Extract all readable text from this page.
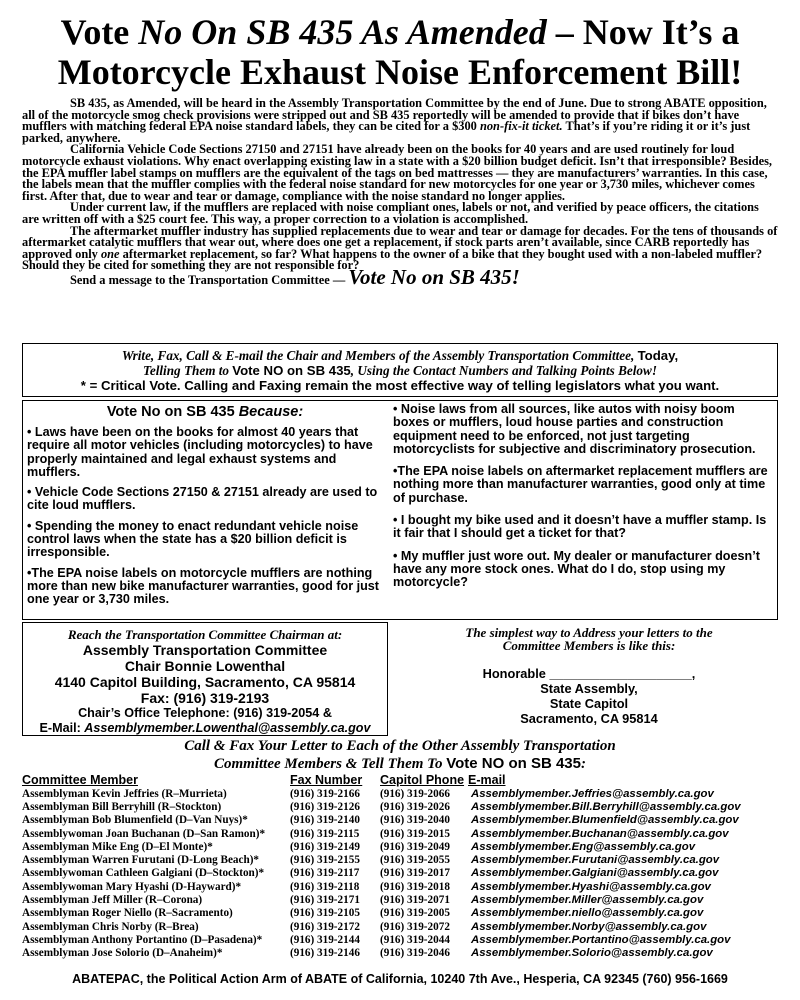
Vote No On SB 435 As Amended – Now It’s a
Motorcycle Exhaust Noise Enforcement Bill!

SB 435, as Amended, will be heard in the Assembly Transportation Committee by the end of June. Due to strong ABATE opposition, all of the motorcycle smog check provisions were stripped out and SB 435 reportedly will be amended to provide that if bikes don’t have mufflers with matching federal EPA noise standard labels, they can be cited for a $300 non-fix-it ticket. That’s if you’re riding it or it’s just parked, anywhere.

California Vehicle Code Sections 27150 and 27151 have already been on the books for 40 years and are used routinely for loud motorcycle exhaust violations. Why enact overlapping existing law in a state with a $20 billion budget deficit. Isn’t that irresponsible? Besides, the EPA muffler label stamps on mufflers are the equivalent of the tags on bed mattresses — they are manufacturers’ warranties. In this case, the labels mean that the muffler complies with the federal noise standard for new motorcycles for one year or 3,730 miles, whichever comes first. After that, due to wear and tear or damage, compliance with the noise standard no longer applies.

Under current law, if the mufflers are replaced with noise compliant ones, labels or not, and verified by peace officers, the citations are written off with a $25 court fee. This way, a proper correction to a violation is accomplished.

The aftermarket muffler industry has supplied replacements due to wear and tear or damage for decades. For the tens of thousands of aftermarket catalytic mufflers that wear out, where does one get a replacement, if stock parts aren’t available, since CARB reportedly has approved only one aftermarket replacement, so far? What happens to the owner of a bike that they bought used with a non-labeled muffler? Should they be cited for something they are not responsible for?

Send a message to the Transportation Committee — Vote No on SB 435!

Write, Fax, Call & E-mail the Chair and Members of the Assembly Transportation Committee, Today,
Telling Them to Vote NO on SB 435, Using the Contact Numbers and Talking Points Below!
* = Critical Vote. Calling and Faxing remain the most effective way of telling legislators what you want.
Vote No on SB 435 Because:
• Laws have been on the books for almost 40 years that require all motor vehicles (including motorcycles) to have properly maintained and legal exhaust systems and mufflers.
• Vehicle Code Sections 27150 & 27151 already are used to cite loud mufflers.
• Spending the money to enact redundant vehicle noise control laws when the state has a $20 billion deficit is irresponsible.
•The EPA noise labels on motorcycle mufflers are nothing more than new bike manufacturer warranties, good for just one year or 3,730 miles.
• Noise laws from all sources, like autos with noisy boom boxes or mufflers, loud house parties and construction equipment need to be enforced, not just targeting motorcyclists for subjective and discriminatory prosecution.
•The EPA noise labels on aftermarket replacement mufflers are nothing more than manufacturer warranties, good only at time of purchase.
• I bought my bike used and it doesn’t have a muffler stamp. Is it fair that I should get a ticket for that?
• My muffler just wore out. My dealer or manufacturer doesn’t have any more stock ones. What do I do, stop using my motorcycle?
Reach the Transportation Committee Chairman at:
Assembly Transportation Committee
Chair Bonnie Lowenthal
4140 Capitol Building, Sacramento, CA 95814
Fax: (916) 319-2193
Chair’s Office Telephone: (916) 319-2054 &
E-Mail: Assemblymember.Lowenthal@assembly.ca.gov
The simplest way to Address your letters to the
Committee Members is like this:
Honorable ____________________,
State Assembly,
State Capitol
Sacramento, CA 95814
Call & Fax Your Letter to Each of the Other Assembly Transportation
Committee Members & Tell Them To Vote NO on SB 435:
Committee Member	Fax Number	Capitol Phone	E-mail
Assemblyman Kevin Jeffries (R–Murrieta)	(916) 319-2166	(916) 319-2066	Assemblymember.Jeffries@assembly.ca.gov
Assemblyman Bill Berryhill (R–Stockton)	(916) 319-2126	(916) 319-2026	Assemblymember.Bill.Berryhill@assembly.ca.gov
Assemblyman Bob Blumenfield (D–Van Nuys)*	(916) 319-2140	(916) 319-2040	Assemblymember.Blumenfield@assembly.ca.gov
Assemblywoman Joan Buchanan (D–San Ramon)*	(916) 319-2115	(916) 319-2015	Assemblymember.Buchanan@assembly.ca.gov
Assemblyman Mike Eng (D–El Monte)*	(916) 319-2149	(916) 319-2049	Assemblymember.Eng@assembly.ca.gov
Assemblyman Warren Furutani (D-Long Beach)*	(916) 319-2155	(916) 319-2055	Assemblymember.Furutani@assembly.ca.gov
Assemblywoman Cathleen Galgiani (D–Stockton)*	(916) 319-2117	(916) 319-2017	Assemblymember.Galgiani@assembly.ca.gov
Assemblywoman Mary Hyashi (D-Hayward)*	(916) 319-2118	(916) 319-2018	Assemblymember.Hyashi@assembly.ca.gov
Assemblyman Jeff Miller (R–Corona)	(916) 319-2171	(916) 319-2071	Assemblymember.Miller@assembly.ca.gov
Assemblyman Roger Niello (R–Sacramento)	(916) 319-2105	(916) 319-2005	Assemblymember.niello@assembly.ca.gov
Assemblyman Chris Norby (R–Brea)	(916) 319-2172	(916) 319-2072	Assemblymember.Norby@assembly.ca.gov
Assemblyman Anthony Portantino (D–Pasadena)*	(916) 319-2144	(916) 319-2044	Assemblymember.Portantino@assembly.ca.gov
Assemblyman Jose Solorio (D–Anaheim)*	(916) 319-2146	(916) 319-2046	Assemblymember.Solorio@assembly.ca.gov
ABATEPAC, the Political Action Arm of ABATE of California, 10240 7th Ave., Hesperia, CA 92345 (760) 956-1669
